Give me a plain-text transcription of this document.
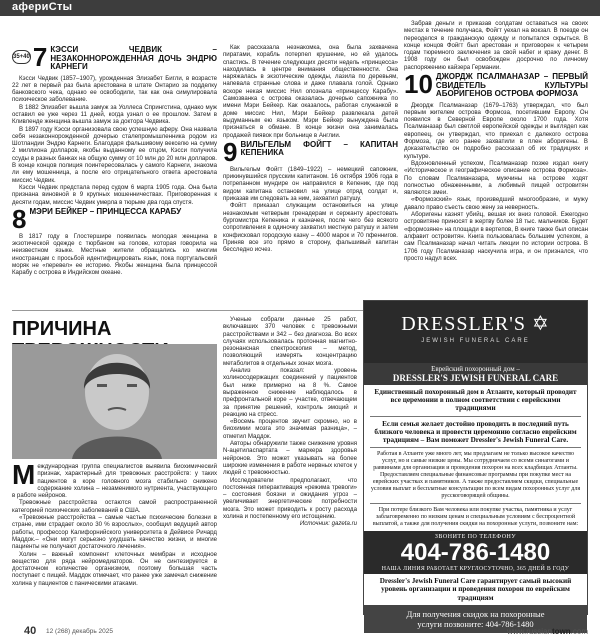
афериСты
35+40 7 КЭССИ ЧЕДВИК – НЕЗАКОННОРОЖДЕННАЯ ДОЧЬ ЭНДРЮ КАРНЕГИ

Кэсси Чедвик (1857–1907), урожденная Элизабет Бигли, в возрасте 22 лет в первый раз была арестована в штате Онтарио за подделку банковского чека, однако ее освободили, так как она симулировала психическое заболевание.

В 1882 Элизабет вышла замуж за Уоллеса Спрингстина, однако муж оставил ее уже через 11 дней, когда узнал о ее прошлом. Затем в Кливленде женщина вышла замуж за доктора Чедвика.

В 1897 году Кэсси организовала свою успешную аферу. Она назвала себя незаконнорожденной дочерью сталепромышленника родом из Шотландии Эндрю Карнеги. Благодаря фальшивому векселю на сумму 2 миллиона долларов, якобы выданному ее отцом, Кэсси получила ссуды в разных банках на общую сумму от 10 млн до 20 млн долларов. В конце концов полиция поинтересовалась у самого Карнеги, знакома ли ему мошенница, а после его отрицательного ответа арестовала миссис Чедвик.

Кэсси Чедвик предстала перед судом 6 марта 1905 года. Она была признана виновной в 9 крупных мошенничествах. Приговоренная к десяти годам, миссис Чедвик умерла в тюрьме два года спустя.

8 МЭРИ БЕЙКЕР – ПРИНЦЕССА КАРАБУ

В 1817 году в Глостершире появилась молодая женщина в экзотической одежде с тюрбаном на голове, которая говорила на неизвестном языке. Местные жители обращались ко многим иностранцам с просьбой идентифицировать язык, пока португальский моряк не «перевел» ее историю. Якобы женщина была принцессой Карабу с острова в Индийском океане.

Как рассказала незнакомка, она была захвачена пиратами, корабль потерпел крушение, но ей удалось спастись. В течение следующих десяти недель «принцесса» находилась в центре внимания общественности. Она наряжалась в экзотические одежды, лазила по деревьям, напевала странные слова и даже плавала голой. Однако вскоре некая миссис Нил опознала «принцессу Карабу». Самозванка с острова оказалась дочерью сапожника по имени Мэри Бейкер. Как оказалось, работая служанкой в доме миссис Нил, Мэри Бейкер развлекала детей выдуманным ею языком. Мэри Бейкер вынуждена была признаться в обмане. В конце жизни она занималась продажей пиявок при больнице в Англии.

9 ВИЛЬГЕЛЬМ ФОЙГТ – КАПИТАН КЕПЕНИКА

Вильгельм Фойгт (1849–1922) – немецкий сапожник, прикинувшийся прусским капитаном. 16 октября 1906 года в потрепанном мундире он направился в Кепеник, где под видом капитана остановил на улице отряд солдат и, приказав им следовать за ним, захватил ратушу.

Фойгт приказал служащим остановиться на улице незнакомым четверым гренадерам и сержанту арестовать бургомистра Кепеника и казначея, после чего без всякого сопротивления в одиночку захватил местную ратушу и затем конфисковал городскую казну – 4000 марок и 70 пфеннигов. Приняв все это прямо в сторону, фальшивый капитан бесследно исчез.

Забрав деньги и приказав солдатам оставаться на своих местах в течение получаса, Фойгт уехал на вокзал. В поезде он переоделся в гражданскую одежду и попытался скрыться. В конце концов Фойгт был арестован и приговорен к четырем годам тюремного заключения за свой набег и кражу денег. В 1908 году он был освобожден досрочно по личному распоряжению кайзера Германии.

10 ДЖОРДЖ ПСАЛМАНАЗАР – ПЕРВЫЙ СВИДЕТЕЛЬ КУЛЬТУРЫ АБОРИГЕНОВ ОСТРОВА ФОРМОЗА

Джордж Псалманазар (1679–1763) утверждал, что был первым жителем острова Формоза, посетившим Европу. Он появился в Северной Европе около 1700 года. Хотя Псалманазар был светлой европейской одежды и выглядел как европеец, он утверждал, что приехал с далекого острова Формоза, где его ранее захватили в плен аборигены. В доказательство он подробно рассказал об их традициях и культуре.

Вдохновленный успехом, Псалманазар позже издал книгу «Историческое и географическое описание острова Формоза». По словам Псалманазара, мужчины на острове ходят полностью обнаженными, а любимый пищей островитян являются змеи.

«Формозский» язык, произведший многообразие, и мужу давало право съесть свою жену за неверность.

Аборигены казнят убийц, вешая их вниз головой. Ежегодно островитяне приносят в жертву более 18 тыс. мальчиков. Будет «формозяне» на площади в вертепов, В книге также был описан алфавит островитян. Книга пользовалась большим успехом, а сам Псалманазар начал читать лекции по истории острова. В 1706 году Псалманазар наскучила игра, и он признался, что просто надул всех.

ПРИЧИНА

Международная группа специалистов выявила биохимический признак, характерный для тревожных расстройств: у таких пациентов в коре головного мозга стабильно снижено содержание холина – незаменимого нутриента, участвующего в работе нейронов.

Тревожные расстройства остаются самой распространенной категорией психических заболеваний в США.

«Тревожные расстройства – самые частые психические болезни в стране, ими страдает около 30 % взрослых», сообщил ведущий автор работы, профессор Калифорнийского университета в Дейвисе Ричард Маддок.– «Они могут серьезно ухудшать качество жизни, и многие пациенты не получают достаточного лечения».

Холин – важный компонент клеточных мембран и исходное вещество для ряда нейромедиаторов. Он не синтезируется в достаточном количестве организмом, поэтому большая часть поступает с пищей. Маддок отмечает, что ранее уже замечал снижение холина у пациентов с паническими атаками.

Ученые собрали данные 25 работ, включавших 370 человек с тревожными расстройствами и 342 – без диагноза. Во всех случаях использовалась протонная магнитно-резонансная спектроскопия – метод, позволяющий измерять концентрацию метаболитов в отдельных зонах мозга.

Анализ показал: уровень холиносодержащих соединений у пациентов был ниже примерно на 8 %. Самое выраженное снижение наблюдалось в префронтальной коре – участке, отвечающем за принятие решений, контроль эмоций и реакцию на стресс.

«Восемь процентов звучит скромно, но в биохимии мозга это значимая разница», – отметил Маддок.

Авторы обнаружили также снижение уровня N-ацетиласпартата – маркера здоровья нейронов. Это может указывать на более широкие изменения в работе нервных клеток у людей с тревожностью.

Исследователи предполагают, что постоянная гиперактивация «режима тревоги» – состояния боязни и ожидания угроз – увеличивает энергетические потребности мозга. Это может приводить к росту расхода холина и постепенному его истощению.

Источник: gazeta.ru

DRESSLER'S ✡
JEWISH FUNERAL CARE
Еврейский похоронный дом –
DRESSLER'S JEWISH FUNERAL CARE
Единственный похоронный дом в Атланте, который проводит все церемонии в полном соответствии с еврейскими традициями
Если семья желает достойно проводить в последний путь близкого человека и провести церемонию согласно еврейским традициям – Вам поможет Dressler's Jewish Funeral Care.
Работая в Атланте уже много лет, мы предлагаем не только высокое качество услуг, но и самые низкие цены. Мы сотрудничаем со всеми синагогами и раввинами для организации и проведения похорон на всех кладбищах Атланты. Предоставляем специальные финансовые программы при покупке мест на еврейских участках и памятников. А также предоставляем скидки, специальные условия выплат и бесплатные консультации по всем видам похоронных услуг для русскоговорящей общины.
При потере близкого Вам человека или покупке участка, памятника и услуг заблаговременно по низким ценам и специальным условиям с беспроцентной выплатой, а также для получения скидки на похоронные услуги, позвоните нам:
ЗВОНИТЕ ПО ТЕЛЕФОНУ
404-786-1480
НАША ЛИНИЯ РАБОТАЕТ КРУГЛОСУТОЧНО, 365 ДНЕЙ В ГОДУ
Dressler's Jewish Funeral Care гарантирует самый высокий уровень организации и проведения похорон по еврейским традициям
Для получения скидок на похоронные
услуги позвоните: 404-786-1480
40 12 (268) декабрь 2025	www.russiantown.com
